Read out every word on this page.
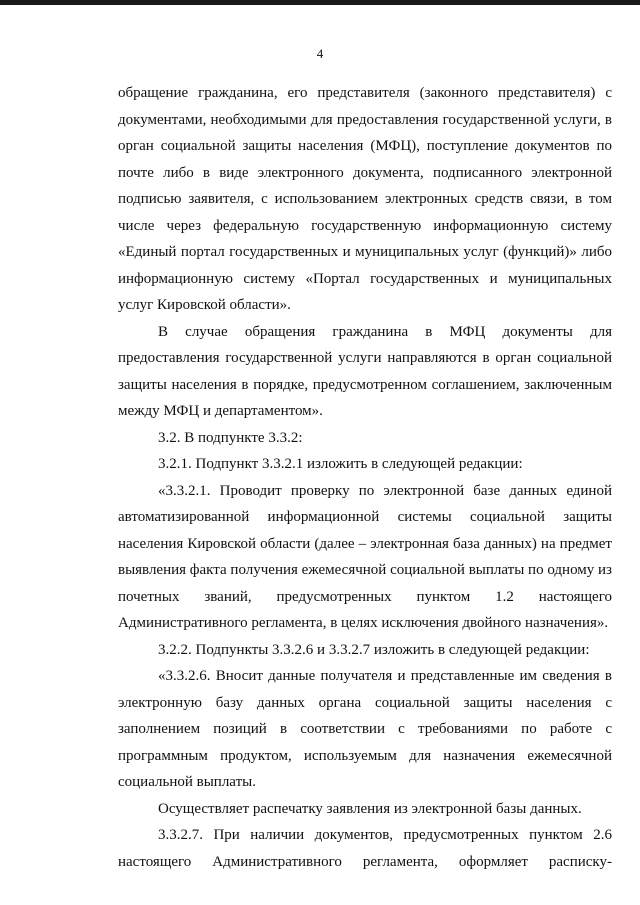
4

обращение гражданина, его представителя (законного представителя) с документами, необходимыми для предоставления государственной услуги, в орган социальной защиты населения (МФЦ), поступление документов по почте либо в виде электронного документа, подписанного электронной подписью заявителя, с использованием электронных средств связи, в том числе через федеральную государственную информационную систему «Единый портал государственных и муниципальных услуг (функций)» либо информационную систему «Портал государственных и муниципальных услуг Кировской области».

В случае обращения гражданина в МФЦ документы для предоставления государственной услуги направляются в орган социальной защиты населения в порядке, предусмотренном соглашением, заключенным между МФЦ и департаментом».

3.2. В подпункте 3.3.2:

3.2.1. Подпункт 3.3.2.1 изложить в следующей редакции:

«3.3.2.1. Проводит проверку по электронной базе данных единой автоматизированной информационной системы социальной защиты населения Кировской области (далее – электронная база данных) на предмет выявления факта получения ежемесячной социальной выплаты по одному из почетных званий, предусмотренных пунктом 1.2 настоящего Административного регламента, в целях исключения двойного назначения».

3.2.2. Подпункты 3.3.2.6 и 3.3.2.7 изложить в следующей редакции:

«3.3.2.6. Вносит данные получателя и представленные им сведения в электронную базу данных органа социальной защиты населения с заполнением позиций в соответствии с требованиями по работе с программным продуктом, используемым для назначения ежемесячной социальной выплаты.

Осуществляет распечатку заявления из электронной базы данных.

3.3.2.7. При наличии документов, предусмотренных пунктом 2.6 настоящего Административного регламента, оформляет расписку-
